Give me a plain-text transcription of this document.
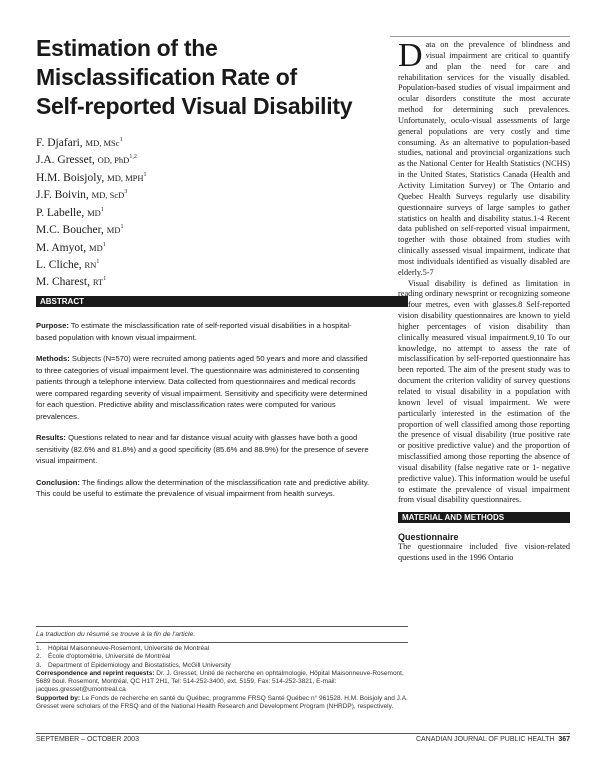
Estimation of the
Misclassification Rate of
Self-reported Visual Disability
F. Djafari, MD, MSc$^1$
J.A. Gresset, OD, PhD$^{1,2}$
H.M. Boisjoly, MD, MPH$^1$
J.F. Boivin, MD, ScD$^3$
P. Labelle, $MD^1$
M.C. Boucher, $MD^1$
M. Amyot, $MD^1$
L. Cliche, $RN^1$
M. Charest, $RT^1$
ABSTRACT

Purpose: To estimate the misclassification rate of self-reported visual disabilities in a hospital-based population with known visual impairment.

Methods: Subjects (N=570) were recruited among patients aged 50 years and more and classified to three categories of visual impairment level. The questionnaire was administered to consenting patients through a telephone interview. Data collected from questionnaires and medical records were compared regarding severity of visual impairment. Sensitivity and specificity were determined for each question. Predictive ability and misclassification rates were computed for various prevalences.

Results: Questions related to near and far distance visual acuity with glasses have both a good sensitivity (82.6% and 81.8%) and a good specificity (85.6% and 88.9%) for the presence of severe visual impairment.

Conclusion: The findings allow the determination of the misclassification rate and predictive ability. This could be useful to estimate the prevalence of visual impairment from health surveys.

La traduction du résumé se trouve à la fin de l'article.
1.	Hôpital Maisonneuve-Rosemont, Université de Montréal
2.	École d'optométrie, Université de Montréal
3.	Department of Epidemiology and Biostatistics, McGill University
Correspondence and reprint requests: Dr. J. Gresset, Unité de recherche en ophtalmologie, Hôpital Maisonneuve-Rosemont, 5689 boul. Rosemont, Montréal, QC H1T 2H1, Tel: 514-252-3400, ext. 5159, Fax: 514-252-3821, E-mail: jacques.gresset@umontreal.ca
Supported by: Le Fonds de recherche en santé du Québec, programme FRSQ Santé Québec n° 961528. H.M. Boisjoly and J.A. Gresset were scholars of the FRSQ and of the National Health Research and Development Program (NHRDP), respectively.

Data on the prevalence of blindness and visual impairment are critical to quantify and plan the need for care and rehabilitation services for the visually disabled. Population-based studies of visual impairment and ocular disorders constitute the most accurate method for determining such prevalences. Unfortunately, oculo-visual assessments of large general populations are very costly and time consuming. As an alternative to population-based studies, national and provincial organizations such as the National Center for Health Statistics (NCHS) in the United States, Statistics Canada (Health and Activity Limitation Survey) or The Ontario and Quebec Health Surveys regularly use disability questionnaire surveys of large samples to gather statistics on health and disability status.1-4 Recent data published on self-reported visual impairment, together with those obtained from studies with clinically assessed visual impairment, indicate that most individuals identified as visually disabled are elderly.5-7

Visual disability is defined as limitation in reading ordinary newsprint or recognizing someone at four metres, even with glasses.8 Self-reported vision disability questionnaires are known to yield higher percentages of vision disability than clinically measured visual impairment.9,10 To our knowledge, no attempt to assess the rate of misclassification by self-reported questionnaire has been reported. The aim of the present study was to document the criterion validity of survey questions related to visual disability in a population with known level of visual impairment. We were particularly interested in the estimation of the proportion of well classified among those reporting the presence of visual disability (true positive rate or positive predictive value) and the proportion of misclassified among those reporting the absence of visual disability (false negative rate or 1- negative predictive value). This information would be useful to estimate the prevalence of visual impairment from visual disability questionnaires.

MATERIAL AND METHODS
Questionnaire

The questionnaire included five vision-related questions used in the 1996 Ontario

SEPTEMBER – OCTOBER 2003	CANADIAN JOURNAL OF PUBLIC HEALTH 367
